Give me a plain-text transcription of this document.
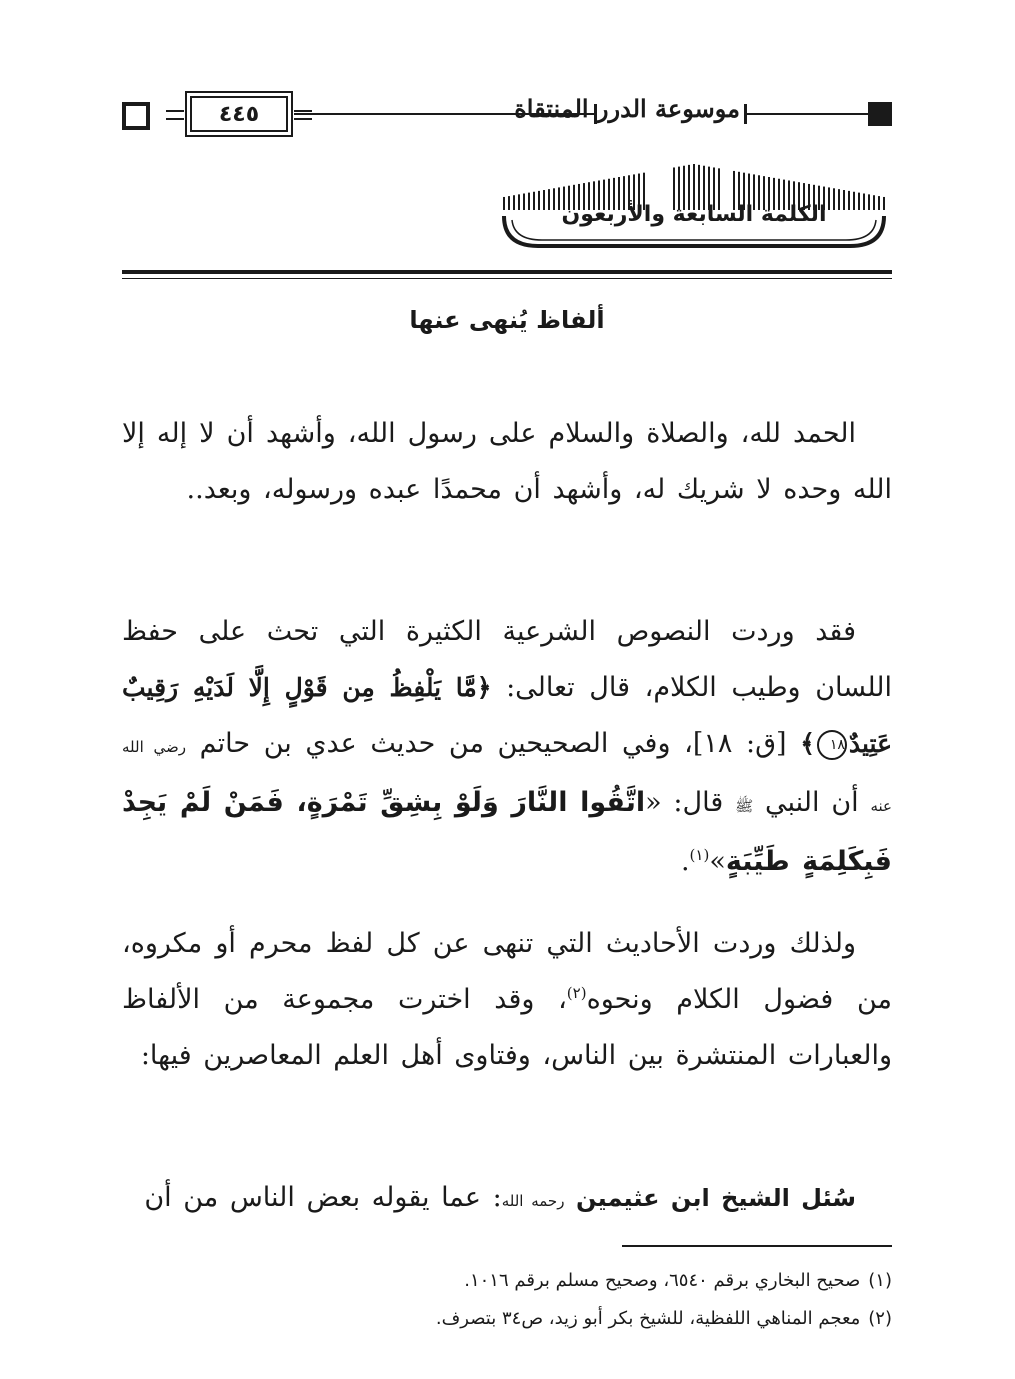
٤٤٥	موسوعة الدرر المنتقاة
الكلمة السابعة والأربعون
ألفاظ يُنهى عنها
الحمد لله، والصلاة والسلام على رسول الله، وأشهد أن لا إله إلا الله وحده لا شريك له، وأشهد أن محمدًا عبده ورسوله، وبعد..
فقد وردت النصوص الشرعية الكثيرة التي تحث على حفظ اللسان وطيب الكلام، قال تعالى: ﴿مَّا يَلْفِظُ مِن قَوْلٍ إِلَّا لَدَيْهِ رَقِيبٌ عَتِيدٌ١٨﴾ [ق: ١٨]، وفي الصحيحين من حديث عدي بن حاتم رضي الله عنه أن النبي ﷺ قال: «اتَّقُوا النَّارَ وَلَوْ بِشِقِّ تَمْرَةٍ، فَمَنْ لَمْ يَجِدْ فَبِكَلِمَةٍ طَيِّبَةٍ»$^{(١)}$.
ولذلك وردت الأحاديث التي تنهى عن كل لفظ محرم أو مكروه، من فضول الكلام ونحوه$^{(٢)}$، وقد اخترت مجموعة من الألفاظ والعبارات المنتشرة بين الناس، وفتاوى أهل العلم المعاصرين فيها:
سُئل الشيخ ابن عثيمين رحمه الله: عما يقوله بعض الناس من أن
(١)صحيح البخاري برقم ٦٥٤٠، وصحيح مسلم برقم ١٠١٦.
(٢)معجم المناهي اللفظية، للشيخ بكر أبو زيد، ص٣٤ بتصرف.
